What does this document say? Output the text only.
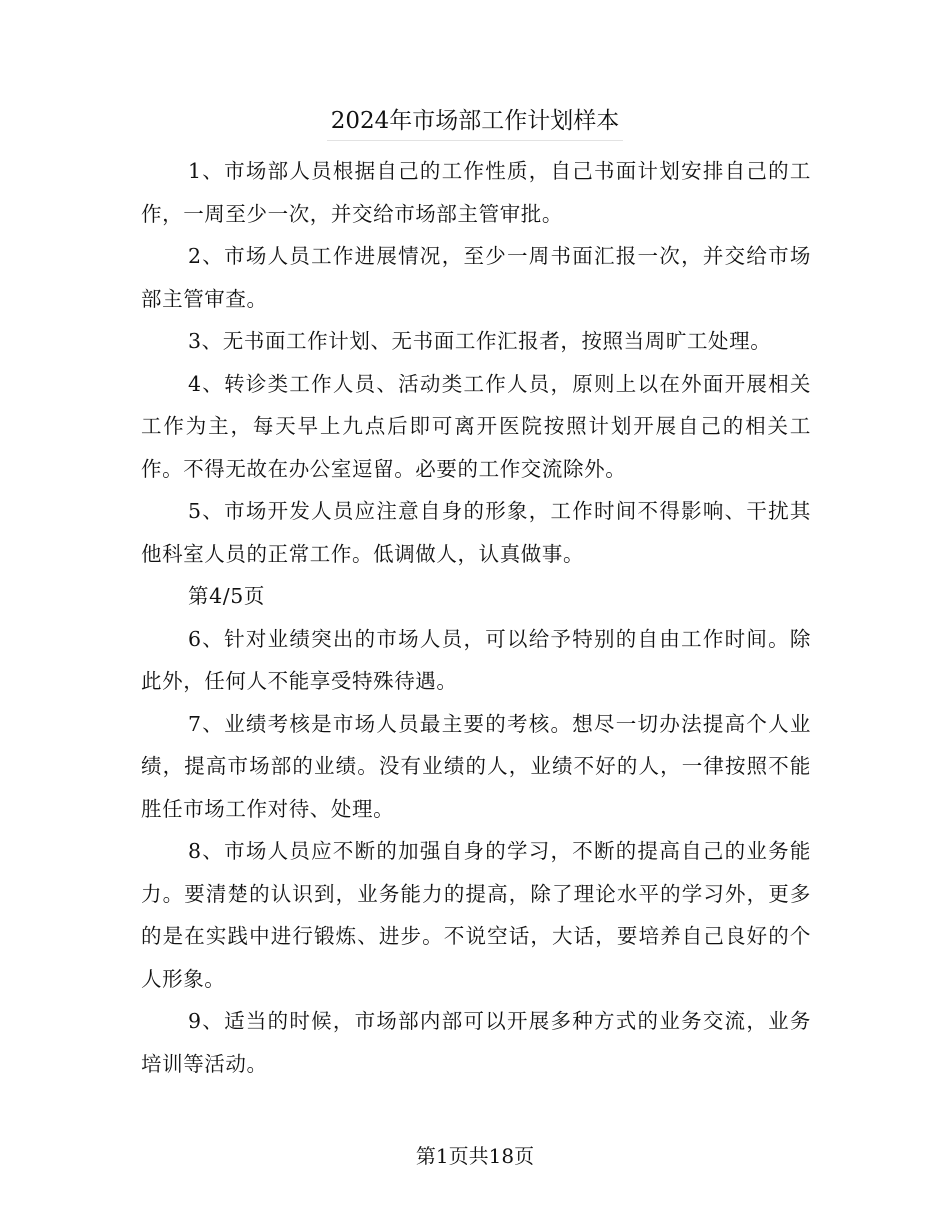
2024年市场部工作计划样本

1、市场部人员根据自己的工作性质，自己书面计划安排自己的工作，一周至少一次，并交给市场部主管审批。

2、市场人员工作进展情况，至少一周书面汇报一次，并交给市场部主管审查。

3、无书面工作计划、无书面工作汇报者，按照当周旷工处理。

4、转诊类工作人员、活动类工作人员，原则上以在外面开展相关工作为主，每天早上九点后即可离开医院按照计划开展自己的相关工作。不得无故在办公室逗留。必要的工作交流除外。

5、市场开发人员应注意自身的形象，工作时间不得影响、干扰其他科室人员的正常工作。低调做人，认真做事。

第4/5页

6、针对业绩突出的市场人员，可以给予特别的自由工作时间。除此外，任何人不能享受特殊待遇。

7、业绩考核是市场人员最主要的考核。想尽一切办法提高个人业绩，提高市场部的业绩。没有业绩的人，业绩不好的人，一律按照不能胜任市场工作对待、处理。

8、市场人员应不断的加强自身的学习，不断的提高自己的业务能力。要清楚的认识到，业务能力的提高，除了理论水平的学习外，更多的是在实践中进行锻炼、进步。不说空话，大话，要培养自己良好的个人形象。

9、适当的时候，市场部内部可以开展多种方式的业务交流，业务培训等活动。

第1页共18页
